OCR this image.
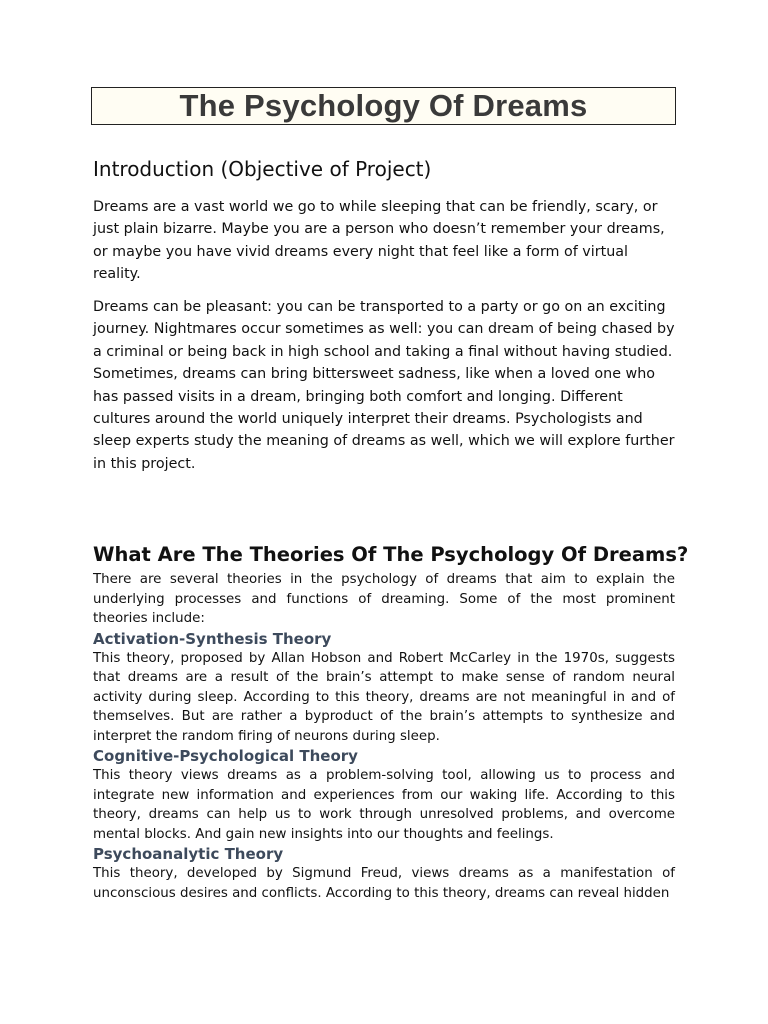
The Psychology Of Dreams
Introduction (Objective of Project)

Dreams are a vast world we go to while sleeping that can be friendly, scary, or just plain bizarre. Maybe you are a person who doesn’t remember your dreams, or maybe you have vivid dreams every night that feel like a form of virtual reality.

Dreams can be pleasant: you can be transported to a party or go on an exciting journey. Nightmares occur sometimes as well: you can dream of being chased by a criminal or being back in high school and taking a final without having studied. Sometimes, dreams can bring bittersweet sadness, like when a loved one who has passed visits in a dream, bringing both comfort and longing. Different cultures around the world uniquely interpret their dreams. Psychologists and sleep experts study the meaning of dreams as well, which we will explore further in this project.

What Are The Theories Of The Psychology Of Dreams?

There are several theories in the psychology of dreams that aim to explain the underlying processes and functions of dreaming. Some of the most prominent theories include:

Activation-Synthesis Theory

This theory, proposed by Allan Hobson and Robert McCarley in the 1970s, suggests that dreams are a result of the brain’s attempt to make sense of random neural activity during sleep. According to this theory, dreams are not meaningful in and of themselves. But are rather a byproduct of the brain’s attempts to synthesize and interpret the random firing of neurons during sleep.

Cognitive-Psychological Theory

This theory views dreams as a problem-solving tool, allowing us to process and integrate new information and experiences from our waking life. According to this theory, dreams can help us to work through unresolved problems, and overcome mental blocks. And gain new insights into our thoughts and feelings.

Psychoanalytic Theory

This theory, developed by Sigmund Freud, views dreams as a manifestation of unconscious desires and conflicts. According to this theory, dreams can reveal hidden
